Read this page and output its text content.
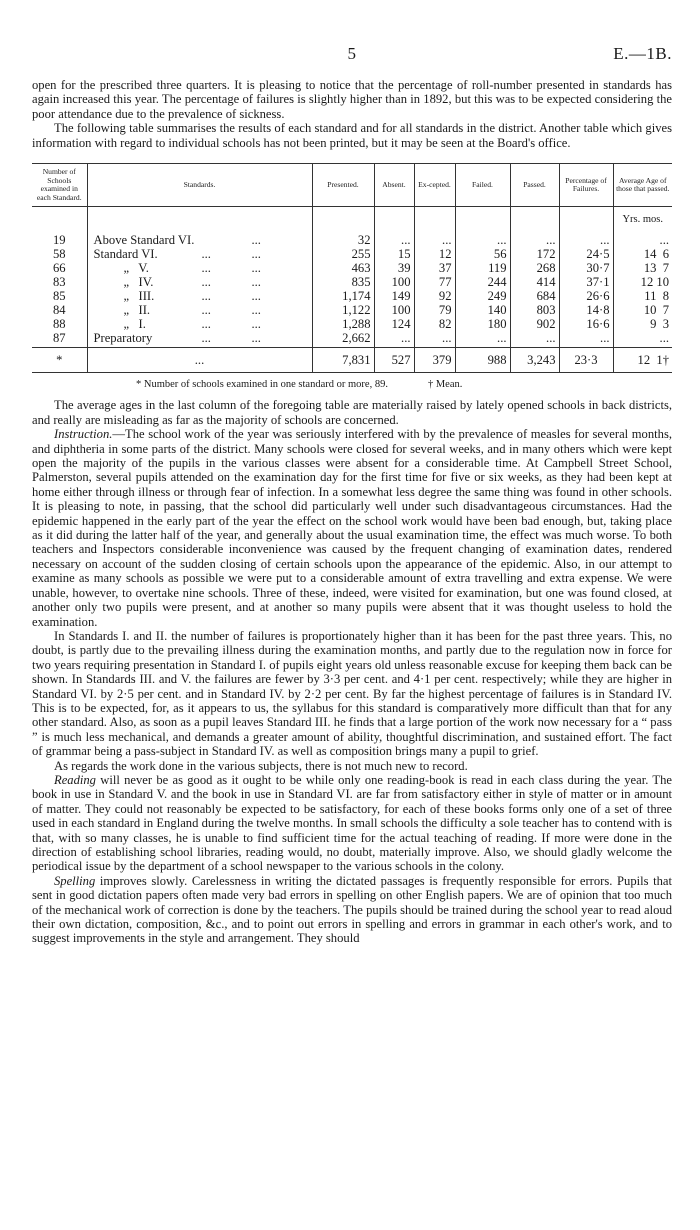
5	E.—1B.

open for the prescribed three quarters. It is pleasing to notice that the percentage of roll-number presented in standards has again increased this year. The percentage of failures is slightly higher than in 1892, but this was to be expected considering the poor attendance due to the prevalence of sickness.

The following table summarises the results of each standard and for all standards in the district. Another table which gives information with regard to individual schools has not been printed, but it may be seen at the Board's office.

Number of Schools examined in each Standard.	Standards.	Presented.	Absent.	Ex-cepted.	Failed.	Passed.	Percentage of Failures.	Average Age of those that passed.
								Yrs. mos.
19	Above Standard VI. ...	32	...	...	...	...	...	...
58	Standard VI. ... ...	255	15	12	56	172	24·5	14  6
66	„   V. ... ...	463	39	37	119	268	30·7	13  7
83	„   IV. ... ...	835	100	77	244	414	37·1	12 10
85	„   III. ... ...	1,174	149	92	249	684	26·6	11  8
84	„   II. ... ...	1,122	100	79	140	803	14·8	10  7
88	„   I. ... ...	1,288	124	82	180	902	16·6	9  3
87	Preparatory ... ...	2,662	...	...	...	...	...	...
*	...	7,831	527	379	988	3,243	23·3	12  1†
* Number of schools examined in one standard or more, 89.	† Mean.

The average ages in the last column of the foregoing table are materially raised by lately opened schools in back districts, and really are misleading as far as the majority of schools are concerned.

Instruction.—The school work of the year was seriously interfered with by the prevalence of measles for several months, and diphtheria in some parts of the district. Many schools were closed for several weeks, and in many others which were kept open the majority of the pupils in the various classes were absent for a considerable time. At Campbell Street School, Palmerston, several pupils attended on the examination day for the first time for five or six weeks, as they had been kept at home either through illness or through fear of infection. In a somewhat less degree the same thing was found in other schools. It is pleasing to note, in passing, that the school did particularly well under such disadvantageous circumstances. Had the epidemic happened in the early part of the year the effect on the school work would have been bad enough, but, taking place as it did during the latter half of the year, and generally about the usual examination time, the effect was much worse. To both teachers and Inspectors considerable inconvenience was caused by the frequent changing of examination dates, rendered necessary on account of the sudden closing of certain schools upon the appearance of the epidemic. Also, in our attempt to examine as many schools as possible we were put to a considerable amount of extra travelling and extra expense. We were unable, however, to overtake nine schools. Three of these, indeed, were visited for examination, but one was found closed, at another only two pupils were present, and at another so many pupils were absent that it was thought useless to hold the examination.

In Standards I. and II. the number of failures is proportionately higher than it has been for the past three years. This, no doubt, is partly due to the prevailing illness during the examination months, and partly due to the regulation now in force for two years requiring presentation in Standard I. of pupils eight years old unless reasonable excuse for keeping them back can be shown. In Standards III. and V. the failures are fewer by 3·3 per cent. and 4·1 per cent. respectively; while they are higher in Standard VI. by 2·5 per cent. and in Standard IV. by 2·2 per cent. By far the highest percentage of failures is in Standard IV. This is to be expected, for, as it appears to us, the syllabus for this standard is comparatively more difficult than that for any other standard. Also, as soon as a pupil leaves Standard III. he finds that a large portion of the work now necessary for a “ pass ” is much less mechanical, and demands a greater amount of ability, thoughtful discrimination, and sustained effort. The fact of grammar being a pass-subject in Standard IV. as well as composition brings many a pupil to grief.

As regards the work done in the various subjects, there is not much new to record.

Reading will never be as good as it ought to be while only one reading-book is read in each class during the year. The book in use in Standard V. and the book in use in Standard VI. are far from satisfactory either in style of matter or in amount of matter. They could not reasonably be expected to be satisfactory, for each of these books forms only one of a set of three used in each standard in England during the twelve months. In small schools the difficulty a sole teacher has to contend with is that, with so many classes, he is unable to find sufficient time for the actual teaching of reading. If more were done in the direction of establishing school libraries, reading would, no doubt, materially improve. Also, we should gladly welcome the periodical issue by the department of a school newspaper to the various schools in the colony.

Spelling improves slowly. Carelessness in writing the dictated passages is frequently responsible for errors. Pupils that sent in good dictation papers often made very bad errors in spelling on other English papers. We are of opinion that too much of the mechanical work of correction is done by the teachers. The pupils should be trained during the school year to read aloud their own dictation, composition, &c., and to point out errors in spelling and errors in grammar in each other's work, and to suggest improvements in the style and arrangement. They should
